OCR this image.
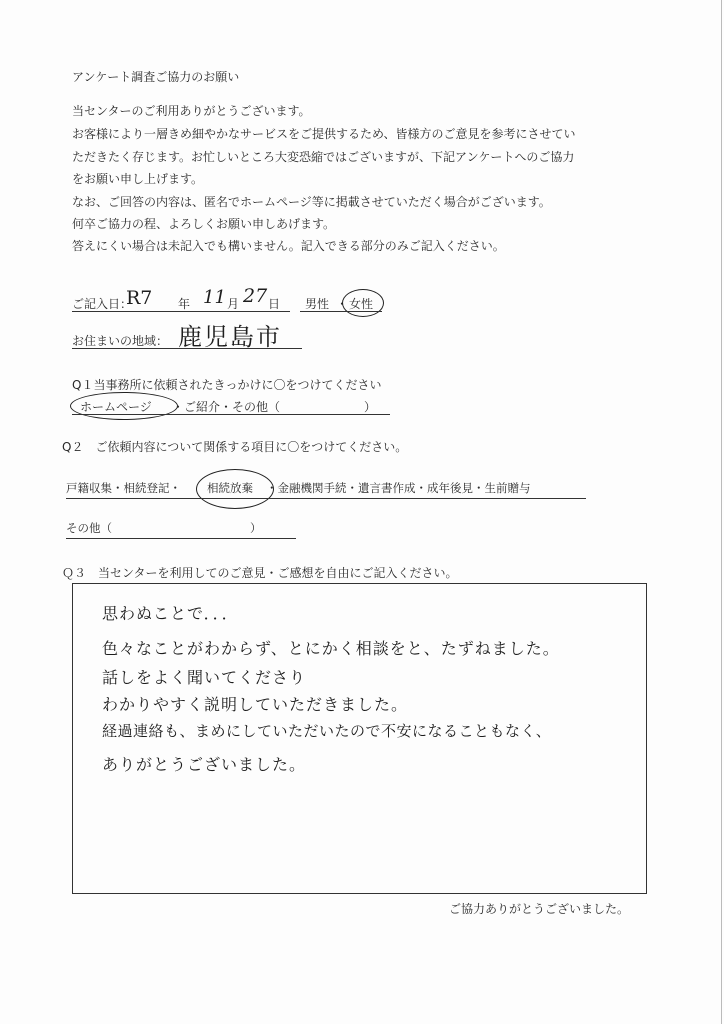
アンケート調査ご協力のお願い
当センターのご利用ありがとうございます。
お客様により一層きめ細やかなサービスをご提供するため、皆様方のご意見を参考にさせてい
ただきたく存じます。お忙しいところ大変恐縮ではございますが、下記アンケートへのご協力
をお願い申し上げます。
なお、ご回答の内容は、匿名でホームページ等に掲載させていただく場合がございます。
何卒ご協力の程、よろしくお願い申しあげます。
答えにくい場合は未記入でも構いません。記入できる部分のみご記入ください。
ご記入日：
R7 年 11 月 27 日 男性 ・ 女性
お住まいの地域： 鹿児島市
Q１当事務所に依頼されたきっかけに〇をつけてください
ホームページ ・ご紹介・その他（　　　　　　　）
Q２　ご依頼内容について関係する項目に〇をつけてください。
戸籍収集・相続登記・ 相続放棄 ・金融機関手続・遺言書作成・成年後見・生前贈与
その他（　　　　　　　　　　　　）
Ｑ３　当センターを利用してのご意見・ご感想を自由にご記入ください。
思わぬことで．．．
色々なことがわからず、とにかく相談をと、たずねました。
話しをよく聞いてくださり
わかりやすく説明していただきました。
経過連絡も、まめにしていただいたので不安になることもなく、
ありがとうございました。
ご協力ありがとうございました。
